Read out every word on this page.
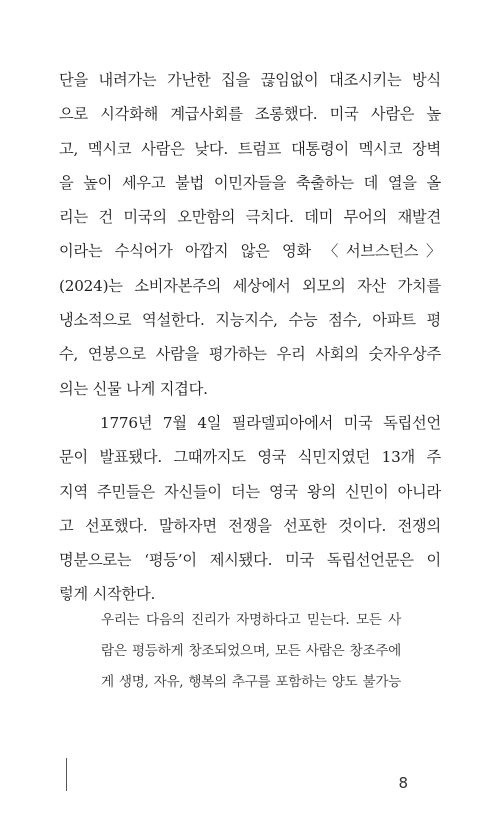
단을 내려가는 가난한 집을 끊임없이 대조시키는 방식
으로 시각화해 계급사회를 조롱했다. 미국 사람은 높
고, 멕시코 사람은 낮다. 트럼프 대통령이 멕시코 장벽
을 높이 세우고 불법 이민자들을 축출하는 데 열을 올
리는 건 미국의 오만함의 극치다. 데미 무어의 재발견
이라는 수식어가 아깝지 않은 영화 〈서브스턴스〉
(2024)는 소비자본주의 세상에서 외모의 자산 가치를
냉소적으로 역설한다. 지능지수, 수능 점수, 아파트 평
수, 연봉으로 사람을 평가하는 우리 사회의 숫자우상주
의는 신물 나게 지겹다.
1776년 7월 4일 필라델피아에서 미국 독립선언
문이 발표됐다. 그때까지도 영국 식민지였던 13개 주
지역 주민들은 자신들이 더는 영국 왕의 신민이 아니라
고 선포했다. 말하자면 전쟁을 선포한 것이다. 전쟁의
명분으로는 ‘평등’이 제시됐다. 미국 독립선언문은 이
렇게 시작한다.
우리는 다음의 진리가 자명하다고 믿는다. 모든 사
람은 평등하게 창조되었으며, 모든 사람은 창조주에
게 생명, 자유, 행복의 추구를 포함하는 양도 불가능
8
